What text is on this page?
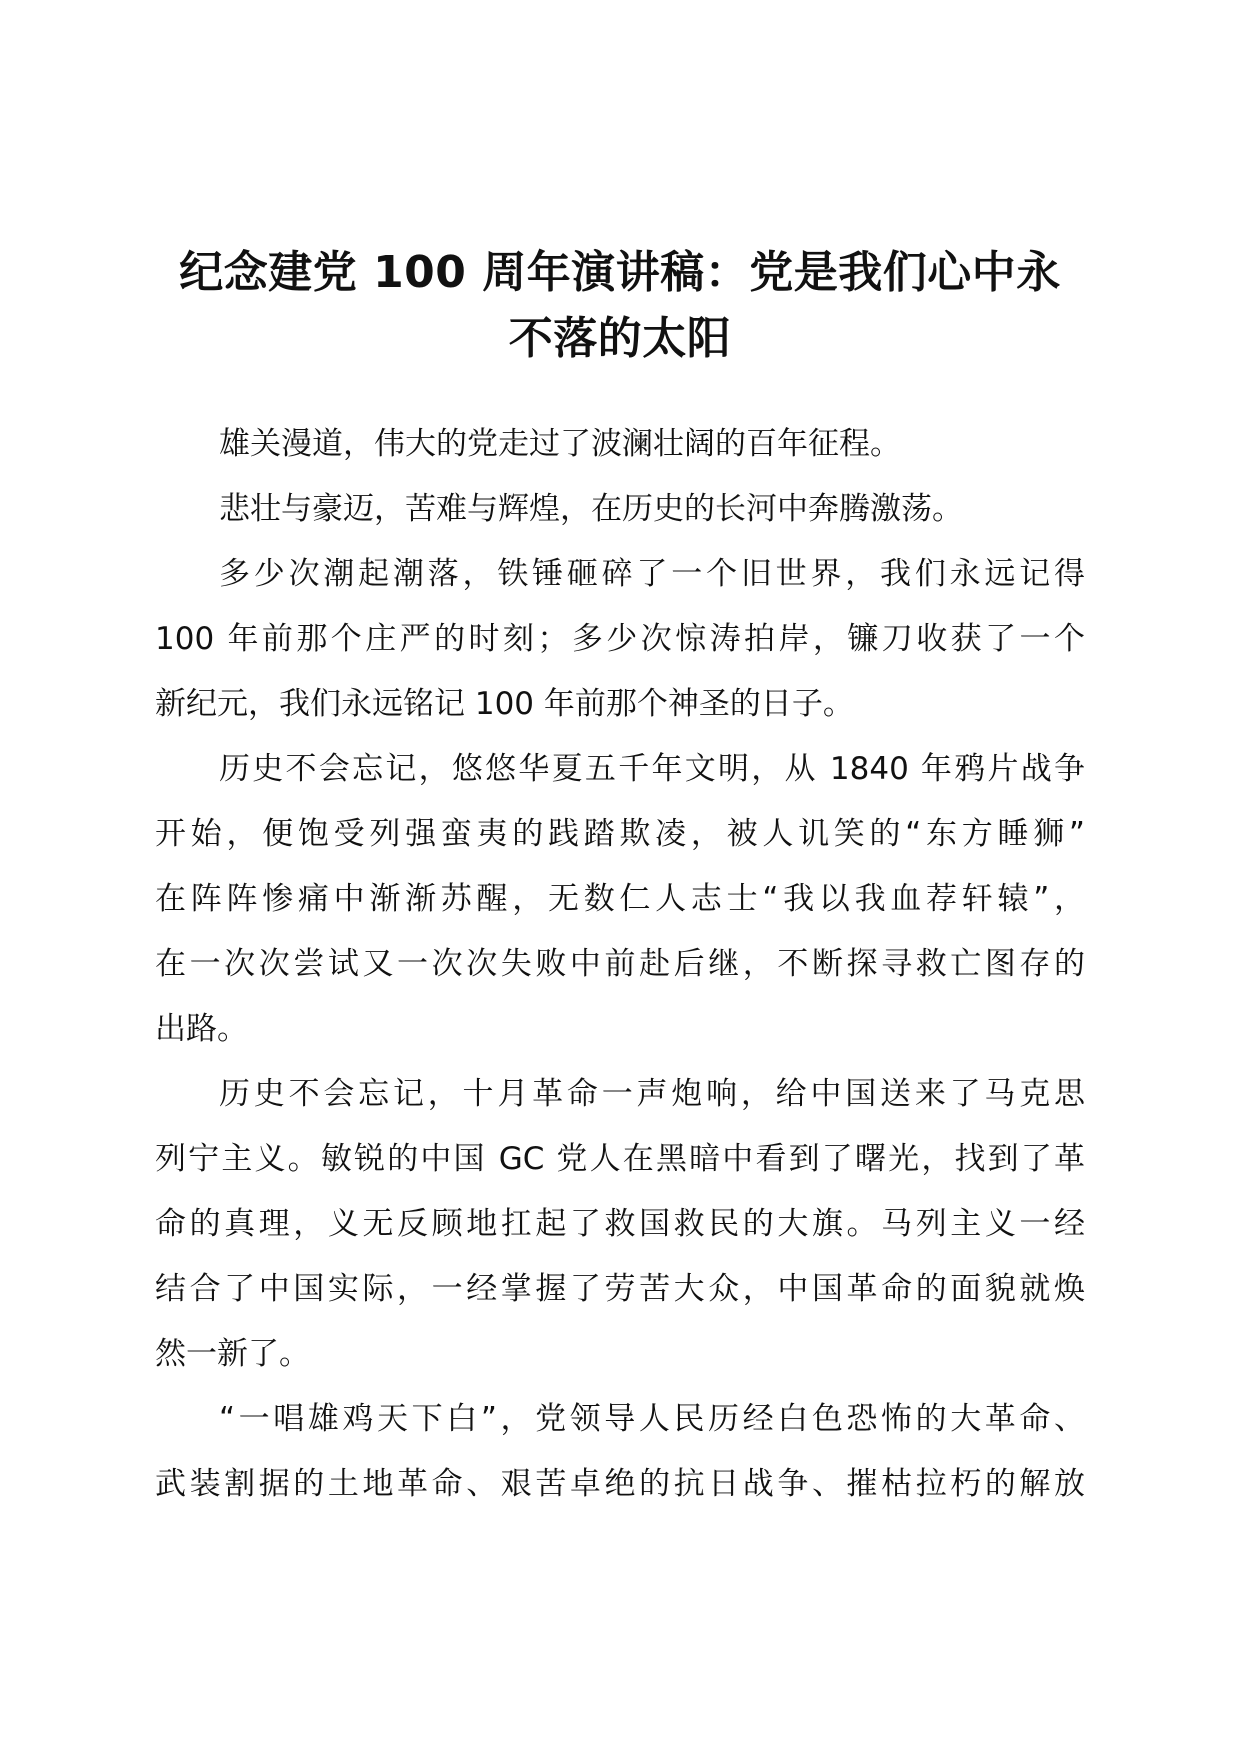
纪念建党 100 周年演讲稿：党是我们心中永
不落的太阳

雄关漫道，伟大的党走过了波澜壮阔的百年征程。

悲壮与豪迈，苦难与辉煌，在历史的长河中奔腾激荡。

多少次潮起潮落，铁锤砸碎了一个旧世界，我们永远记得
100 年前那个庄严的时刻；多少次惊涛拍岸，镰刀收获了一个
新纪元，我们永远铭记 100 年前那个神圣的日子。

历史不会忘记，悠悠华夏五千年文明，从 1840 年鸦片战争
开始，便饱受列强蛮夷的践踏欺凌，被人讥笑的“东方睡狮”
在阵阵惨痛中渐渐苏醒，无数仁人志士“我以我血荐轩辕”，
在一次次尝试又一次次失败中前赴后继，不断探寻救亡图存的
出路。

历史不会忘记，十月革命一声炮响，给中国送来了马克思
列宁主义。敏锐的中国 GC 党人在黑暗中看到了曙光，找到了革
命的真理，义无反顾地扛起了救国救民的大旗。马列主义一经
结合了中国实际，一经掌握了劳苦大众，中国革命的面貌就焕
然一新了。

“一唱雄鸡天下白”，党领导人民历经白色恐怖的大革命、
武装割据的土地革命、艰苦卓绝的抗日战争、摧枯拉朽的解放
